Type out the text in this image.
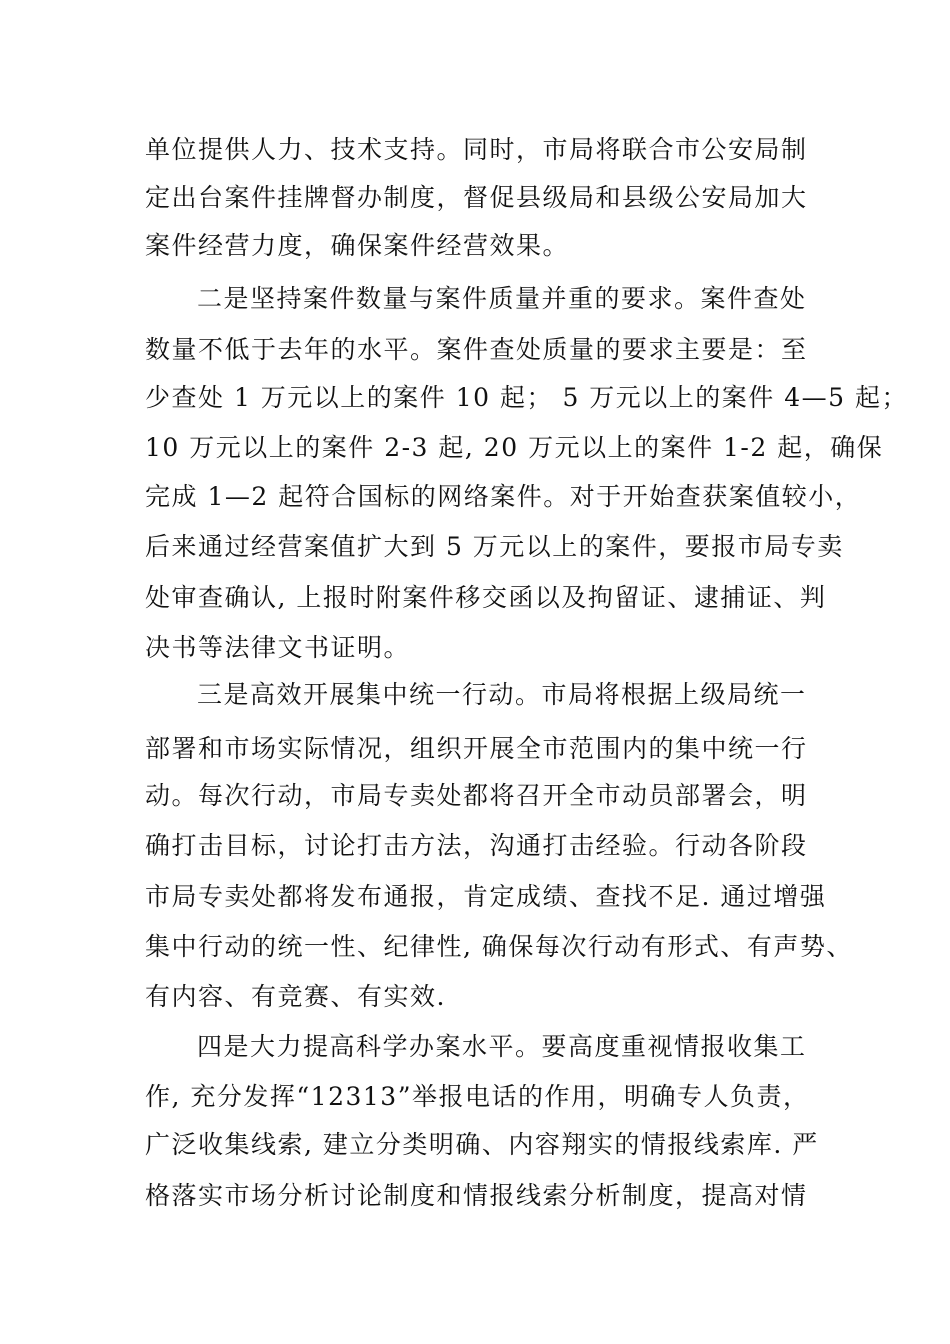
单位提供人力、技术支持。同时，市局将联合市公安局制
定出台案件挂牌督办制度，督促县级局和县级公安局加大
案件经营力度，确保案件经营效果。
二是坚持案件数量与案件质量并重的要求。案件查处
数量不低于去年的水平。案件查处质量的要求主要是：至
少查处 1 万元以上的案件 10 起； 5 万元以上的案件 4—5 起；
10 万元以上的案件 2-3 起, 20 万元以上的案件 1-2 起，确保
完成 1—2 起符合国标的网络案件。对于开始查获案值较小，
后来通过经营案值扩大到 5 万元以上的案件，要报市局专卖
处审查确认, 上报时附案件移交函以及拘留证、逮捕证、判
决书等法律文书证明。
三是高效开展集中统一行动。市局将根据上级局统一
部署和市场实际情况，组织开展全市范围内的集中统一行
动。每次行动，市局专卖处都将召开全市动员部署会，明
确打击目标，讨论打击方法，沟通打击经验。行动各阶段
市局专卖处都将发布通报，肯定成绩、查找不足. 通过增强
集中行动的统一性、纪律性, 确保每次行动有形式、有声势、
有内容、有竞赛、有实效.
四是大力提高科学办案水平。要高度重视情报收集工
作, 充分发挥“12313”举报电话的作用，明确专人负责，
广泛收集线索, 建立分类明确、内容翔实的情报线索库. 严
格落实市场分析讨论制度和情报线索分析制度，提高对情
